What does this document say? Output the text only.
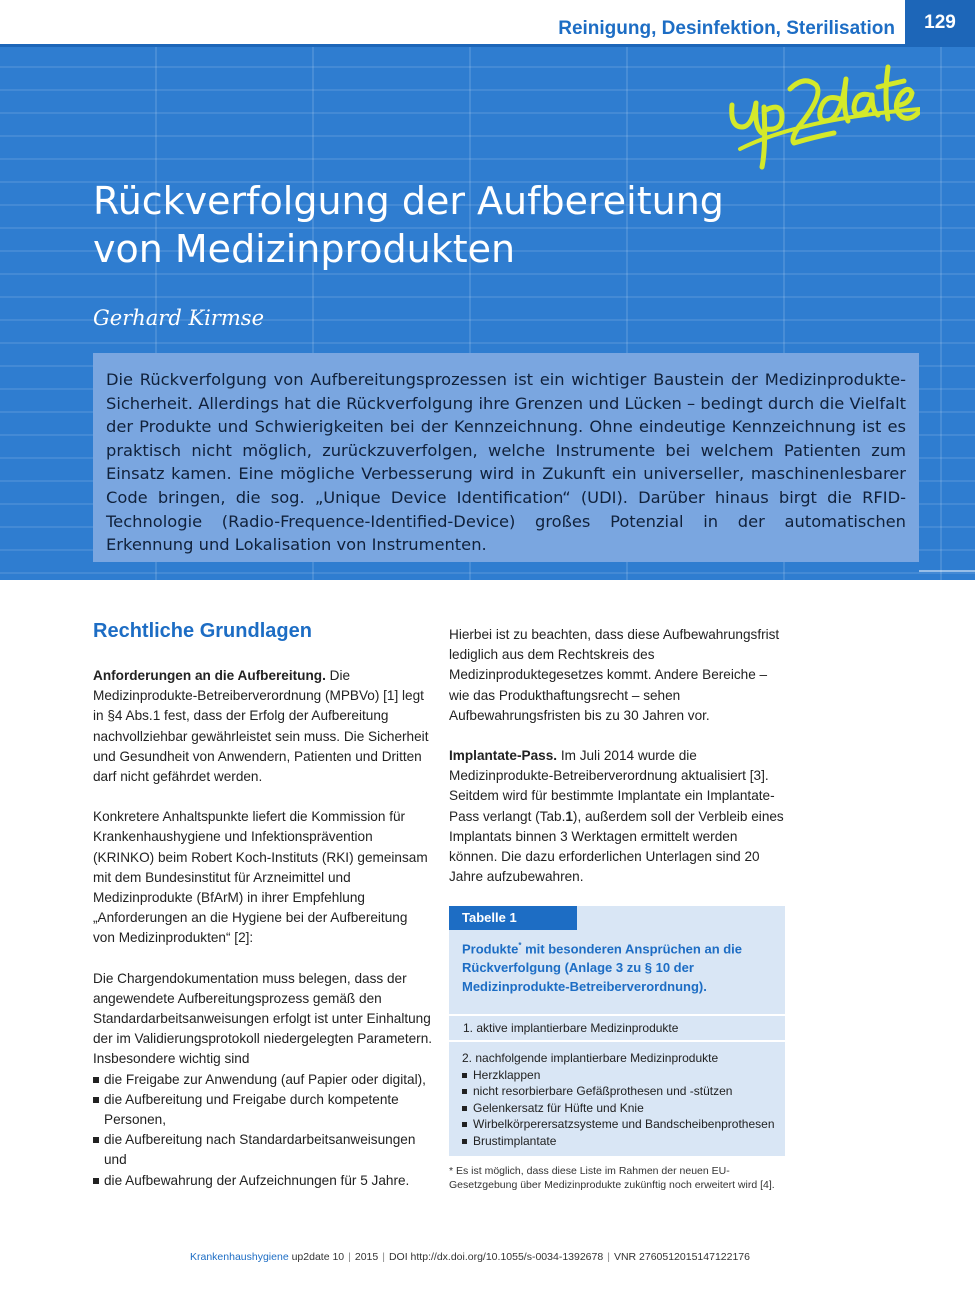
Reinigung, Desinfektion, Sterilisation	129
Rückverfolgung der Aufbereitung
von Medizinprodukten
Gerhard Kirmse

Die Rückverfolgung von Aufbereitungsprozessen ist ein wichtiger Baustein der Medizinprodukte-Sicherheit. Allerdings hat die Rückverfolgung ihre Grenzen und Lücken – bedingt durch die Vielfalt der Produkte und Schwierigkeiten bei der Kennzeichnung. Ohne eindeutige Kennzeichnung ist es praktisch nicht möglich, zurückzuverfolgen, welche Instrumente bei welchem Patienten zum Einsatz kamen. Eine mögliche Verbesserung wird in Zukunft ein universeller, maschinenlesbarer Code bringen, die sog. „Unique Device Identification“ (UDI). Darüber hinaus birgt die RFID-Technologie (Radio-Frequence-Identified-Device) großes Potenzial in der automatischen Erkennung und Lokalisation von Instrumenten.

Rechtliche Grundlagen

Anforderungen an die Aufbereitung. Die Medizinprodukte-Betreiberverordnung (MPBVo) [1] legt in §4 Abs.1 fest, dass der Erfolg der Aufbereitung nachvollziehbar gewährleistet sein muss. Die Sicherheit und Gesundheit von Anwendern, Patienten und Dritten darf nicht gefährdet werden.

Konkretere Anhaltspunkte liefert die Kommission für Krankenhaushygiene und Infektionsprävention (KRINKO) beim Robert Koch-Instituts (RKI) gemeinsam mit dem Bundesinstitut für Arzneimittel und Medizinprodukte (BfArM) in ihrer Empfehlung „Anforderungen an die Hygiene bei der Aufbereitung von Medizinprodukten“ [2]:

Die Chargendokumentation muss belegen, dass der angewendete Aufbereitungsprozess gemäß den Standardarbeitsanweisungen erfolgt ist unter Einhaltung der im Validierungsprotokoll niedergelegten Parametern. Insbesondere wichtig sind

die Freigabe zur Anwendung (auf Papier oder digital),
die Aufbereitung und Freigabe durch kompetente Personen,
die Aufbereitung nach Standardarbeitsanweisungen und
die Aufbewahrung der Aufzeichnungen für 5 Jahre.

Hierbei ist zu beachten, dass diese Aufbewahrungsfrist lediglich aus dem Rechtskreis des Medizinproduktegesetzes kommt. Andere Bereiche – wie das Produkthaftungsrecht – sehen Aufbewahrungsfristen bis zu 30 Jahren vor.

Implantate-Pass. Im Juli 2014 wurde die Medizinprodukte-Betreiberverordnung aktualisiert [3]. Seitdem wird für bestimmte Implantate ein Implantate-Pass verlangt (Tab.1), außerdem soll der Verbleib eines Implantats binnen 3 Werktagen ermittelt werden können. Die dazu erforderlichen Unterlagen sind 20 Jahre aufzubewahren.

Tabelle 1
Produkte* mit besonderen Ansprüchen an die Rückverfolgung (Anlage 3 zu § 10 der Medizinprodukte-Betreiberverordnung).
1. aktive implantierbare Medizinprodukte
2. nachfolgende implantierbare Medizinprodukte
Herzklappen
nicht resorbierbare Gefäßprothesen und -stützen
Gelenkersatz für Hüfte und Knie
Wirbelkörperersatzsysteme und Bandscheibenprothesen
Brustimplantate
* Es ist möglich, dass diese Liste im Rahmen der neuen EU-Gesetzgebung über Medizinprodukte zukünftig noch erweitert wird [4].
Krankenhaushygiene up2date 10 | 2015 | DOI http://dx.doi.org/10.1055/s-0034-1392678 | VNR 2760512015147122176
